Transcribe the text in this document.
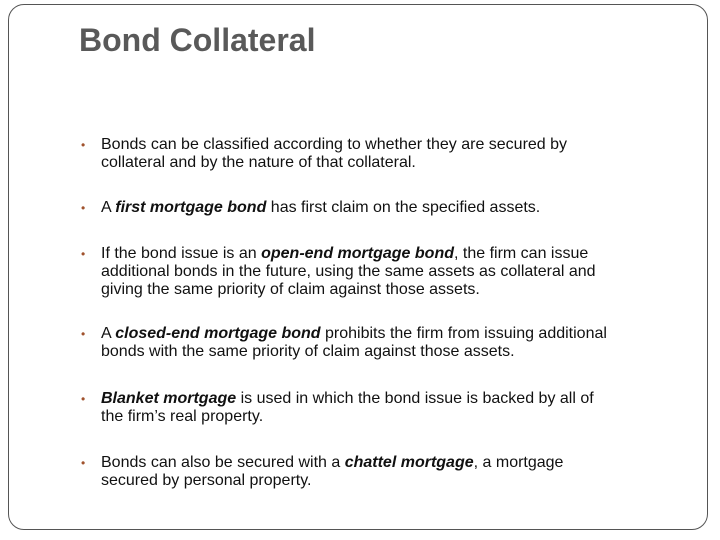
Bond Collateral
• Bonds can be classified according to whether they are secured by
collateral and by the nature of that collateral.
• A first mortgage bond has first claim on the specified assets.
• If the bond issue is an open-end mortgage bond, the firm can issue
additional bonds in the future, using the same assets as collateral and
giving the same priority of claim against those assets.
• A closed-end mortgage bond prohibits the firm from issuing additional
bonds with the same priority of claim against those assets.
• Blanket mortgage is used in which the bond issue is backed by all of
the firm’s real property.
• Bonds can also be secured with a chattel mortgage, a mortgage
secured by personal property.
